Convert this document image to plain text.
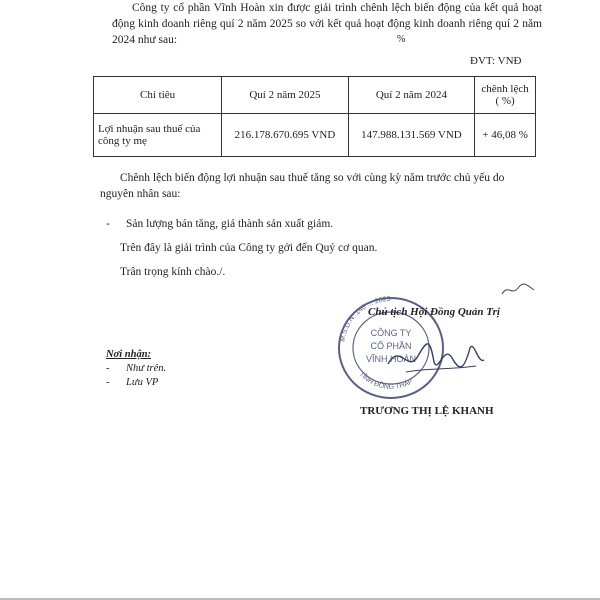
Công ty cổ phần Vĩnh Hoàn xin được giải trình chênh lệch biến động của kết quả hoạt động kinh doanh riêng quí 2 năm 2025 so với kết quả hoạt động kinh doanh riêng quí 2 năm 2024 như sau:	%
ĐVT: VNĐ
Chỉ tiêu	Quí 2 năm 2025	Quí 2 năm 2024	chênh lệch ( %)
Lợi nhuận sau thuế của công ty mẹ	216.178.670.695 VND	147.988.131.569 VND	+ 46,08 %

Chênh lệch biến động lợi nhuận sau thuế tăng so với cùng kỳ năm trước chủ yếu do nguyên nhân sau:

- Sản lượng bán tăng, giá thành sản xuất giảm.

Trên đây là giải trình của Công ty gởi đến Quý cơ quan.

Trân trọng kính chào./.

M.S.D.N: 140 ... 2823
TỈNH ĐỒNG THÁP
CÔNG TY
CỔ PHẦN
VĨNH HOÀN
Chủ tịch Hội Đồng Quản Trị
TRƯƠNG THỊ LỆ KHANH
Nơi nhận:
- Như trên.
- Lưu VP
